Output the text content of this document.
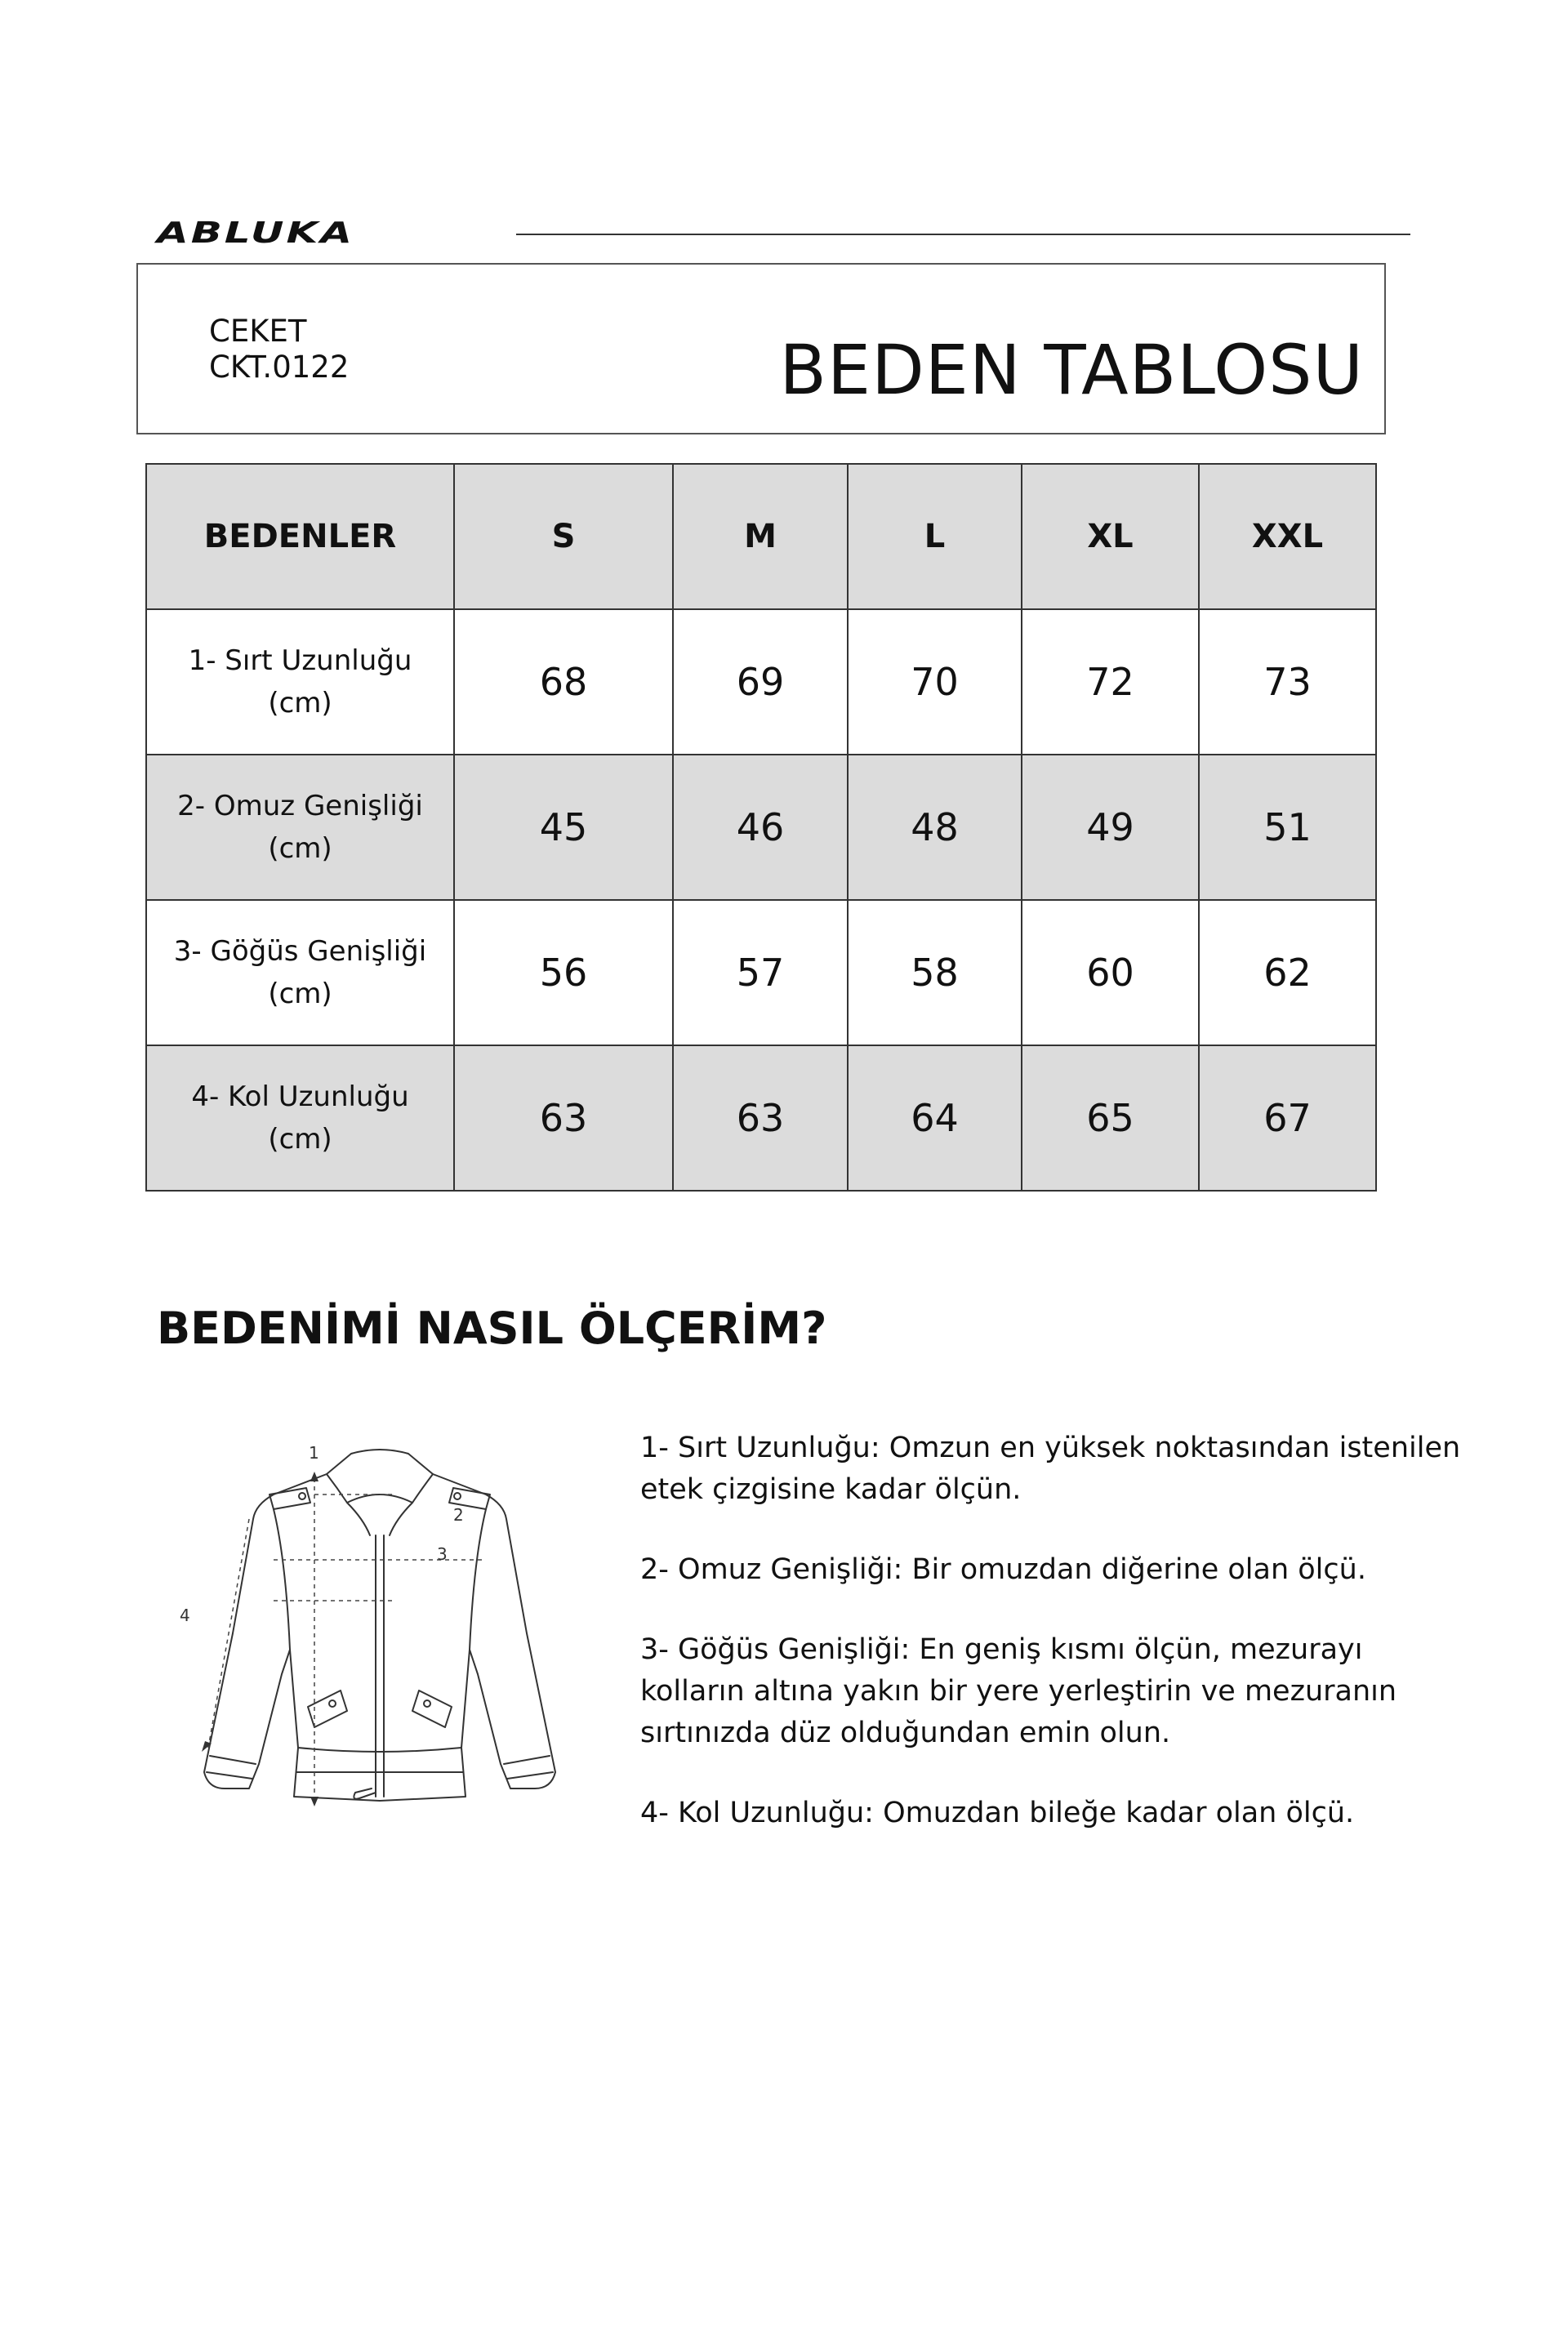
ABLUKA
CEKET
CKT.0122	BEDEN TABLOSU
BEDENLER	S	M	L	XL	XXL

1- Sırt Uzunluğu
(cm)	68	69	70	72	73

2- Omuz Genişliği
(cm)	45	46	48	49	51

3- Göğüs Genişliği
(cm)	56	57	58	60	62

4- Kol Uzunluğu
(cm)	63	63	64	65	67
BEDENİMİ NASIL ÖLÇERİM?
1
2
3
4

1- Sırt Uzunluğu: Omzun en yüksek noktasından istenilen etek çizgisine kadar ölçün.

2- Omuz Genişliği: Bir omuzdan diğerine olan ölçü.

3- Göğüs Genişliği: En geniş kısmı ölçün, mezurayı kolların altına yakın bir yere yerleştirin ve mezuranın sırtınızda düz olduğundan emin olun.

4- Kol Uzunluğu: Omuzdan bileğe kadar olan ölçü.
